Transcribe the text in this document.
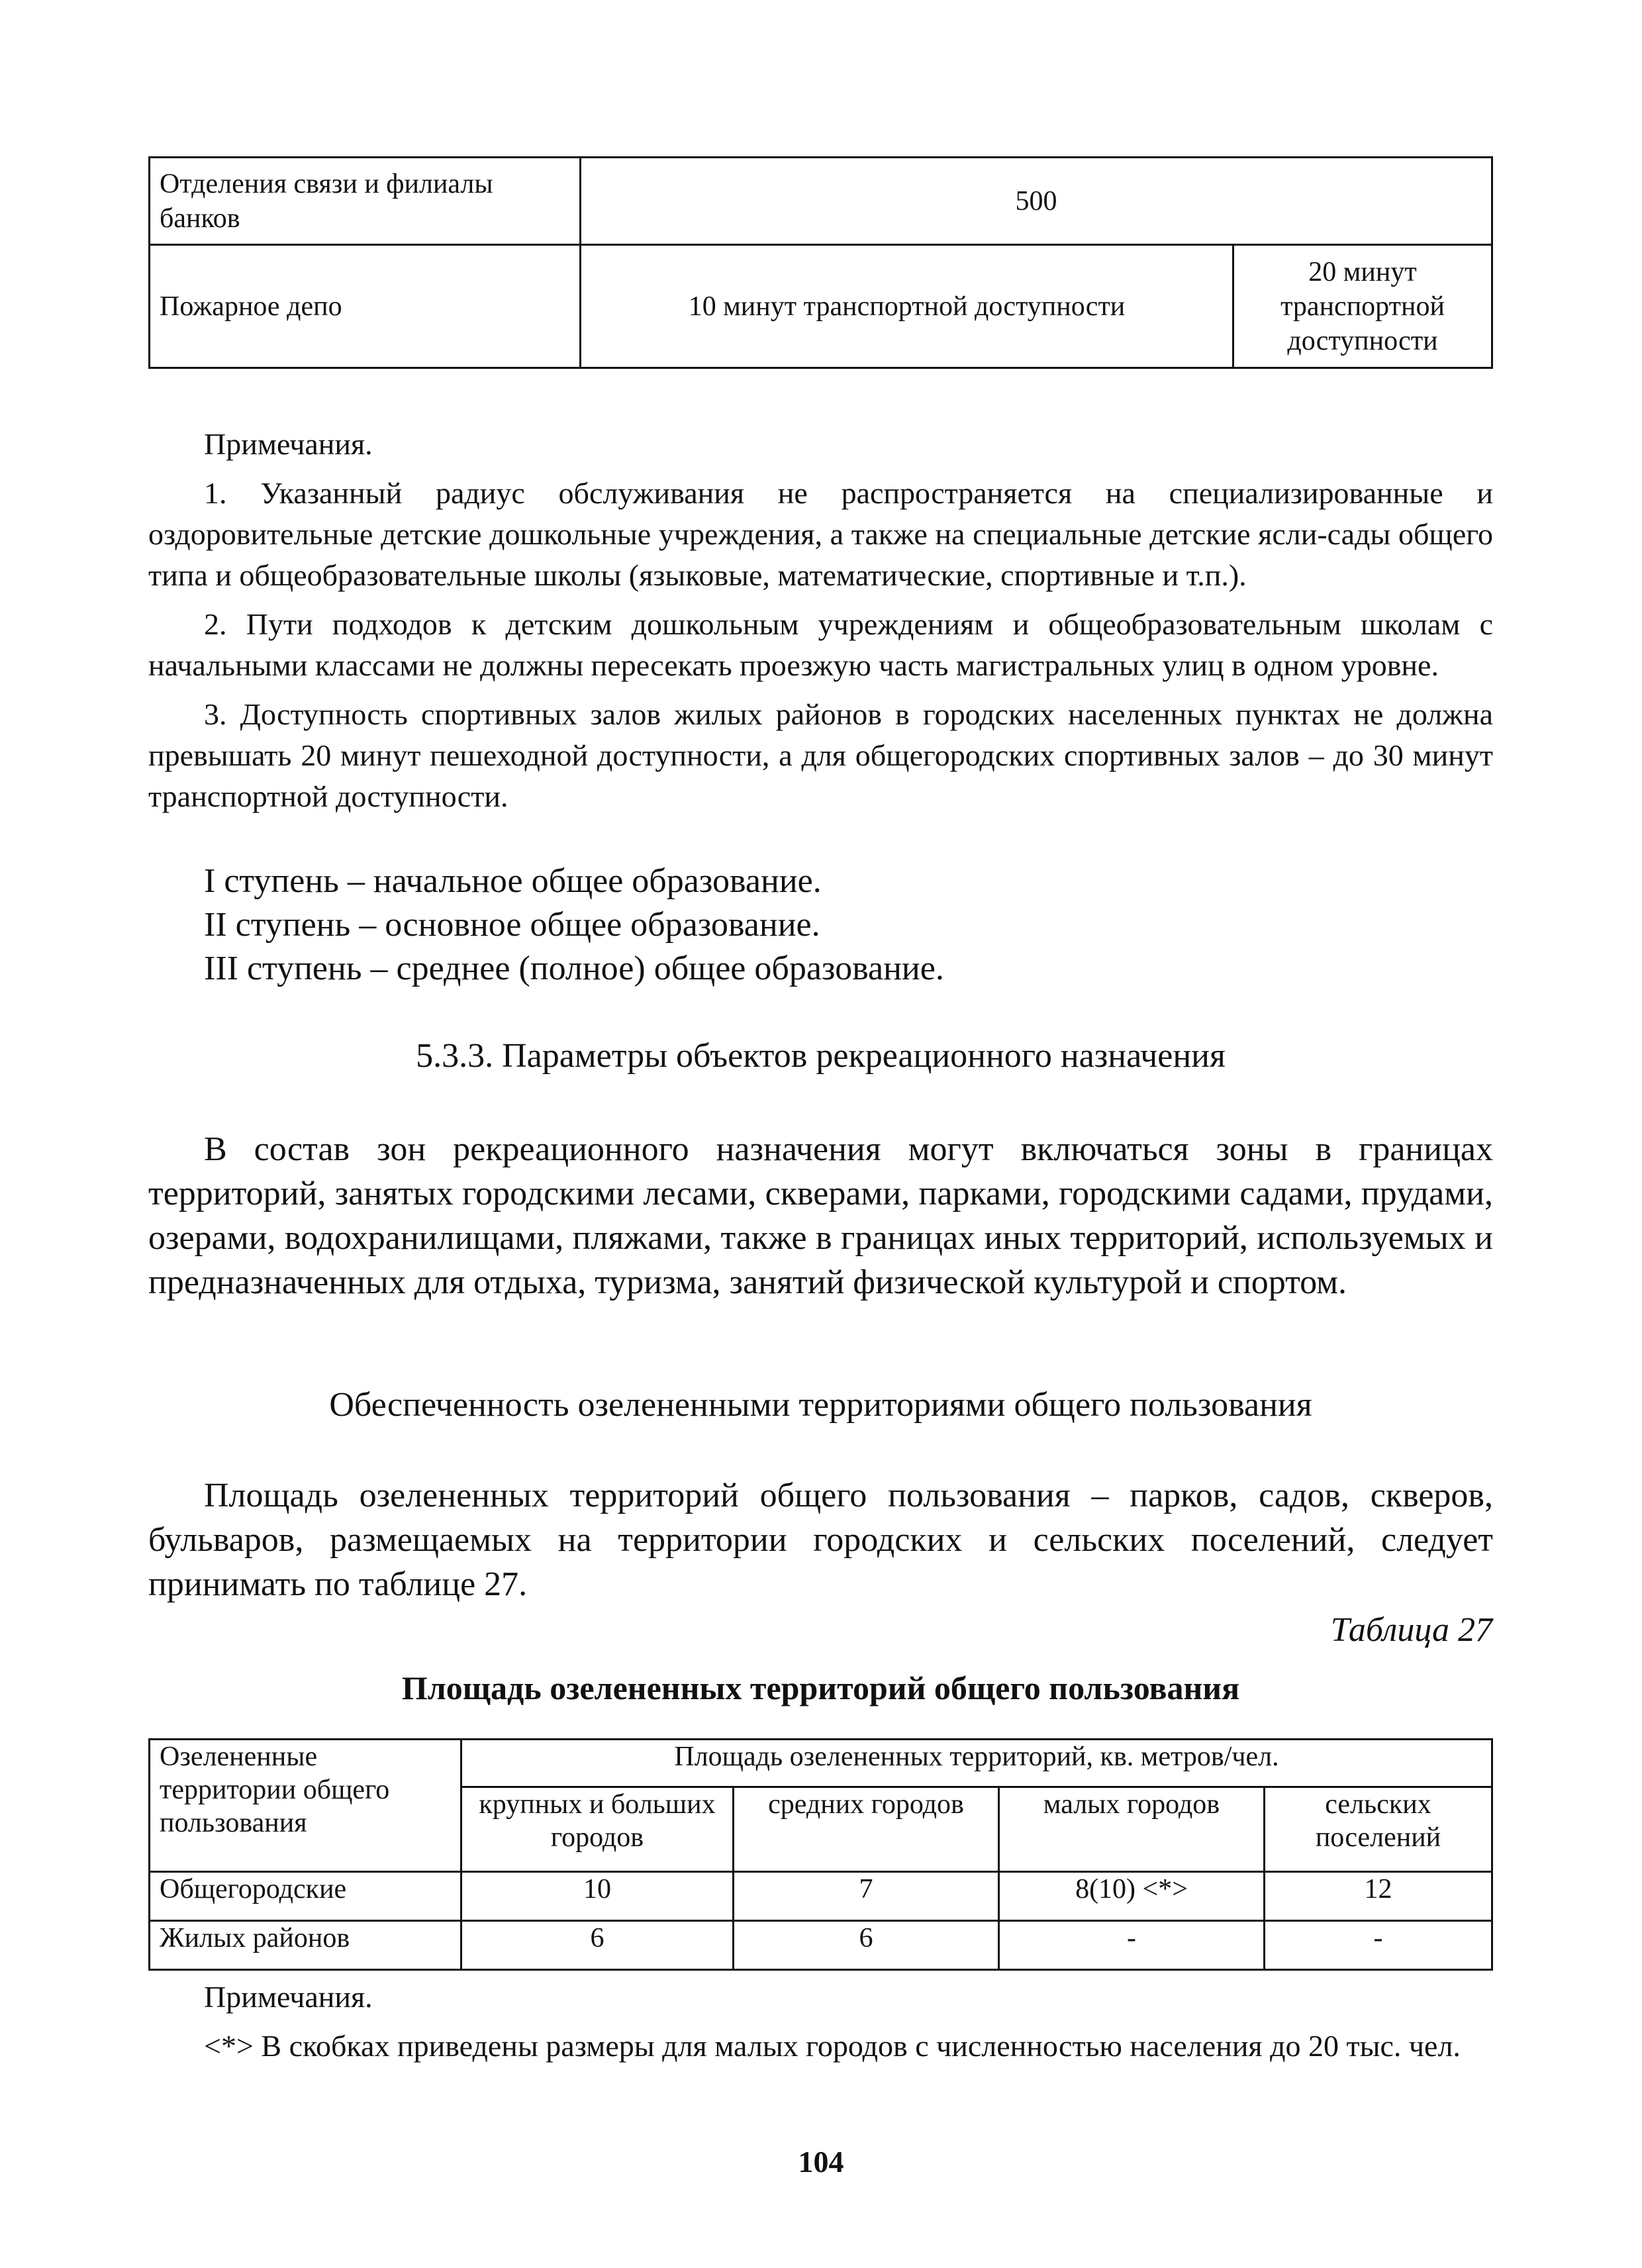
Отделения связи и филиалы банков	500	
Пожарное депо	10 минут транспортной доступности	20 минут транспортной доступности

Примечания.

1. Указанный радиус обслуживания не распространяется на специализированные и оздоровительные детские дошкольные учреждения, а также на специальные детские ясли-сады общего типа и общеобразовательные школы (языковые, математические, спортивные и т.п.).

2. Пути подходов к детским дошкольным учреждениям и общеобразовательным школам с начальными классами не должны пересекать проезжую часть магистральных улиц в одном уровне.

3. Доступность спортивных залов жилых районов в городских населенных пунктах не должна превышать 20 минут пешеходной доступности, а для общегородских спортивных залов – до 30 минут транспортной доступности.

I ступень – начальное общее образование.

II ступень – основное общее образование.

III ступень – среднее (полное) общее образование.

5.3.3. Параметры объектов рекреационного назначения

В состав зон рекреационного назначения могут включаться зоны в границах территорий, занятых городскими лесами, скверами, парками, городскими садами, прудами, озерами, водохранилищами, пляжами, также в границах иных территорий, используемых и предназначенных для отдыха, туризма, занятий физической культурой и спортом.

Обеспеченность озелененными территориями общего пользования

Площадь озелененных территорий общего пользования – парков, садов, скверов, бульваров, размещаемых на территории городских и сельских поселений, следует принимать по таблице 27.

Таблица 27
Площадь озелененных территорий общего пользования
Озелененные территории общего пользования	Площадь озелененных территорий, кв. метров/чел.			
	крупных и больших городов	средних городов	малых городов	сельских поселений
Общегородские	10	7	8(10) <*>	12
Жилых районов	6	6	-	-

Примечания.

<*> В скобках приведены размеры для малых городов с численностью населения до 20 тыс. чел.

104
